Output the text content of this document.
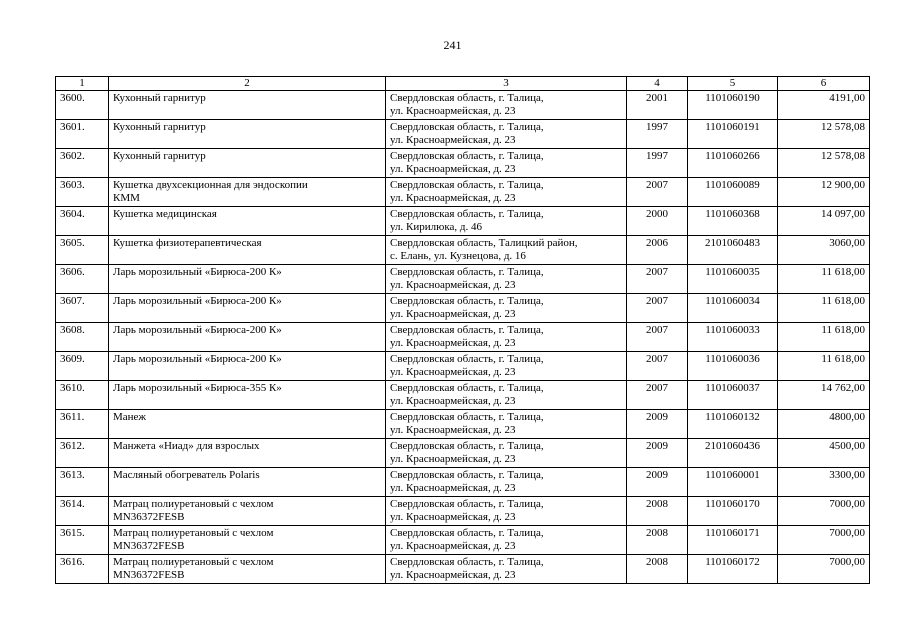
241
1	2	3	4	5	6
3600.	Кухонный гарнитур	Свердловская область, г. Талица,
ул. Красноармейская, д. 23	2001	1101060190	4191,00
3601.	Кухонный гарнитур	Свердловская область, г. Талица,
ул. Красноармейская, д. 23	1997	1101060191	12 578,08
3602.	Кухонный гарнитур	Свердловская область, г. Талица,
ул. Красноармейская, д. 23	1997	1101060266	12 578,08
3603.	Кушетка двухсекционная для эндоскопии
КММ	Свердловская область, г. Талица,
ул. Красноармейская, д. 23	2007	1101060089	12 900,00
3604.	Кушетка медицинская	Свердловская область, г. Талица,
ул. Кирилюка, д. 46	2000	1101060368	14 097,00
3605.	Кушетка физиотерапевтическая	Свердловская область, Талицкий район,
с. Елань, ул. Кузнецова, д. 16	2006	2101060483	3060,00
3606.	Ларь морозильный «Бирюса-200 К»	Свердловская область, г. Талица,
ул. Красноармейская, д. 23	2007	1101060035	11 618,00
3607.	Ларь морозильный «Бирюса-200 К»	Свердловская область, г. Талица,
ул. Красноармейская, д. 23	2007	1101060034	11 618,00
3608.	Ларь морозильный «Бирюса-200 К»	Свердловская область, г. Талица,
ул. Красноармейская, д. 23	2007	1101060033	11 618,00
3609.	Ларь морозильный «Бирюса-200 К»	Свердловская область, г. Талица,
ул. Красноармейская, д. 23	2007	1101060036	11 618,00
3610.	Ларь морозильный «Бирюса-355 К»	Свердловская область, г. Талица,
ул. Красноармейская, д. 23	2007	1101060037	14 762,00
3611.	Манеж	Свердловская область, г. Талица,
ул. Красноармейская, д. 23	2009	1101060132	4800,00
3612.	Манжета «Ниад» для взрослых	Свердловская область, г. Талица,
ул. Красноармейская, д. 23	2009	2101060436	4500,00
3613.	Масляный обогреватель Polaris	Свердловская область, г. Талица,
ул. Красноармейская, д. 23	2009	1101060001	3300,00
3614.	Матрац полиуретановый с чехлом
MN36372FESB	Свердловская область, г. Талица,
ул. Красноармейская, д. 23	2008	1101060170	7000,00
3615.	Матрац полиуретановый с чехлом
MN36372FESB	Свердловская область, г. Талица,
ул. Красноармейская, д. 23	2008	1101060171	7000,00
3616.	Матрац полиуретановый с чехлом
MN36372FESB	Свердловская область, г. Талица,
ул. Красноармейская, д. 23	2008	1101060172	7000,00
